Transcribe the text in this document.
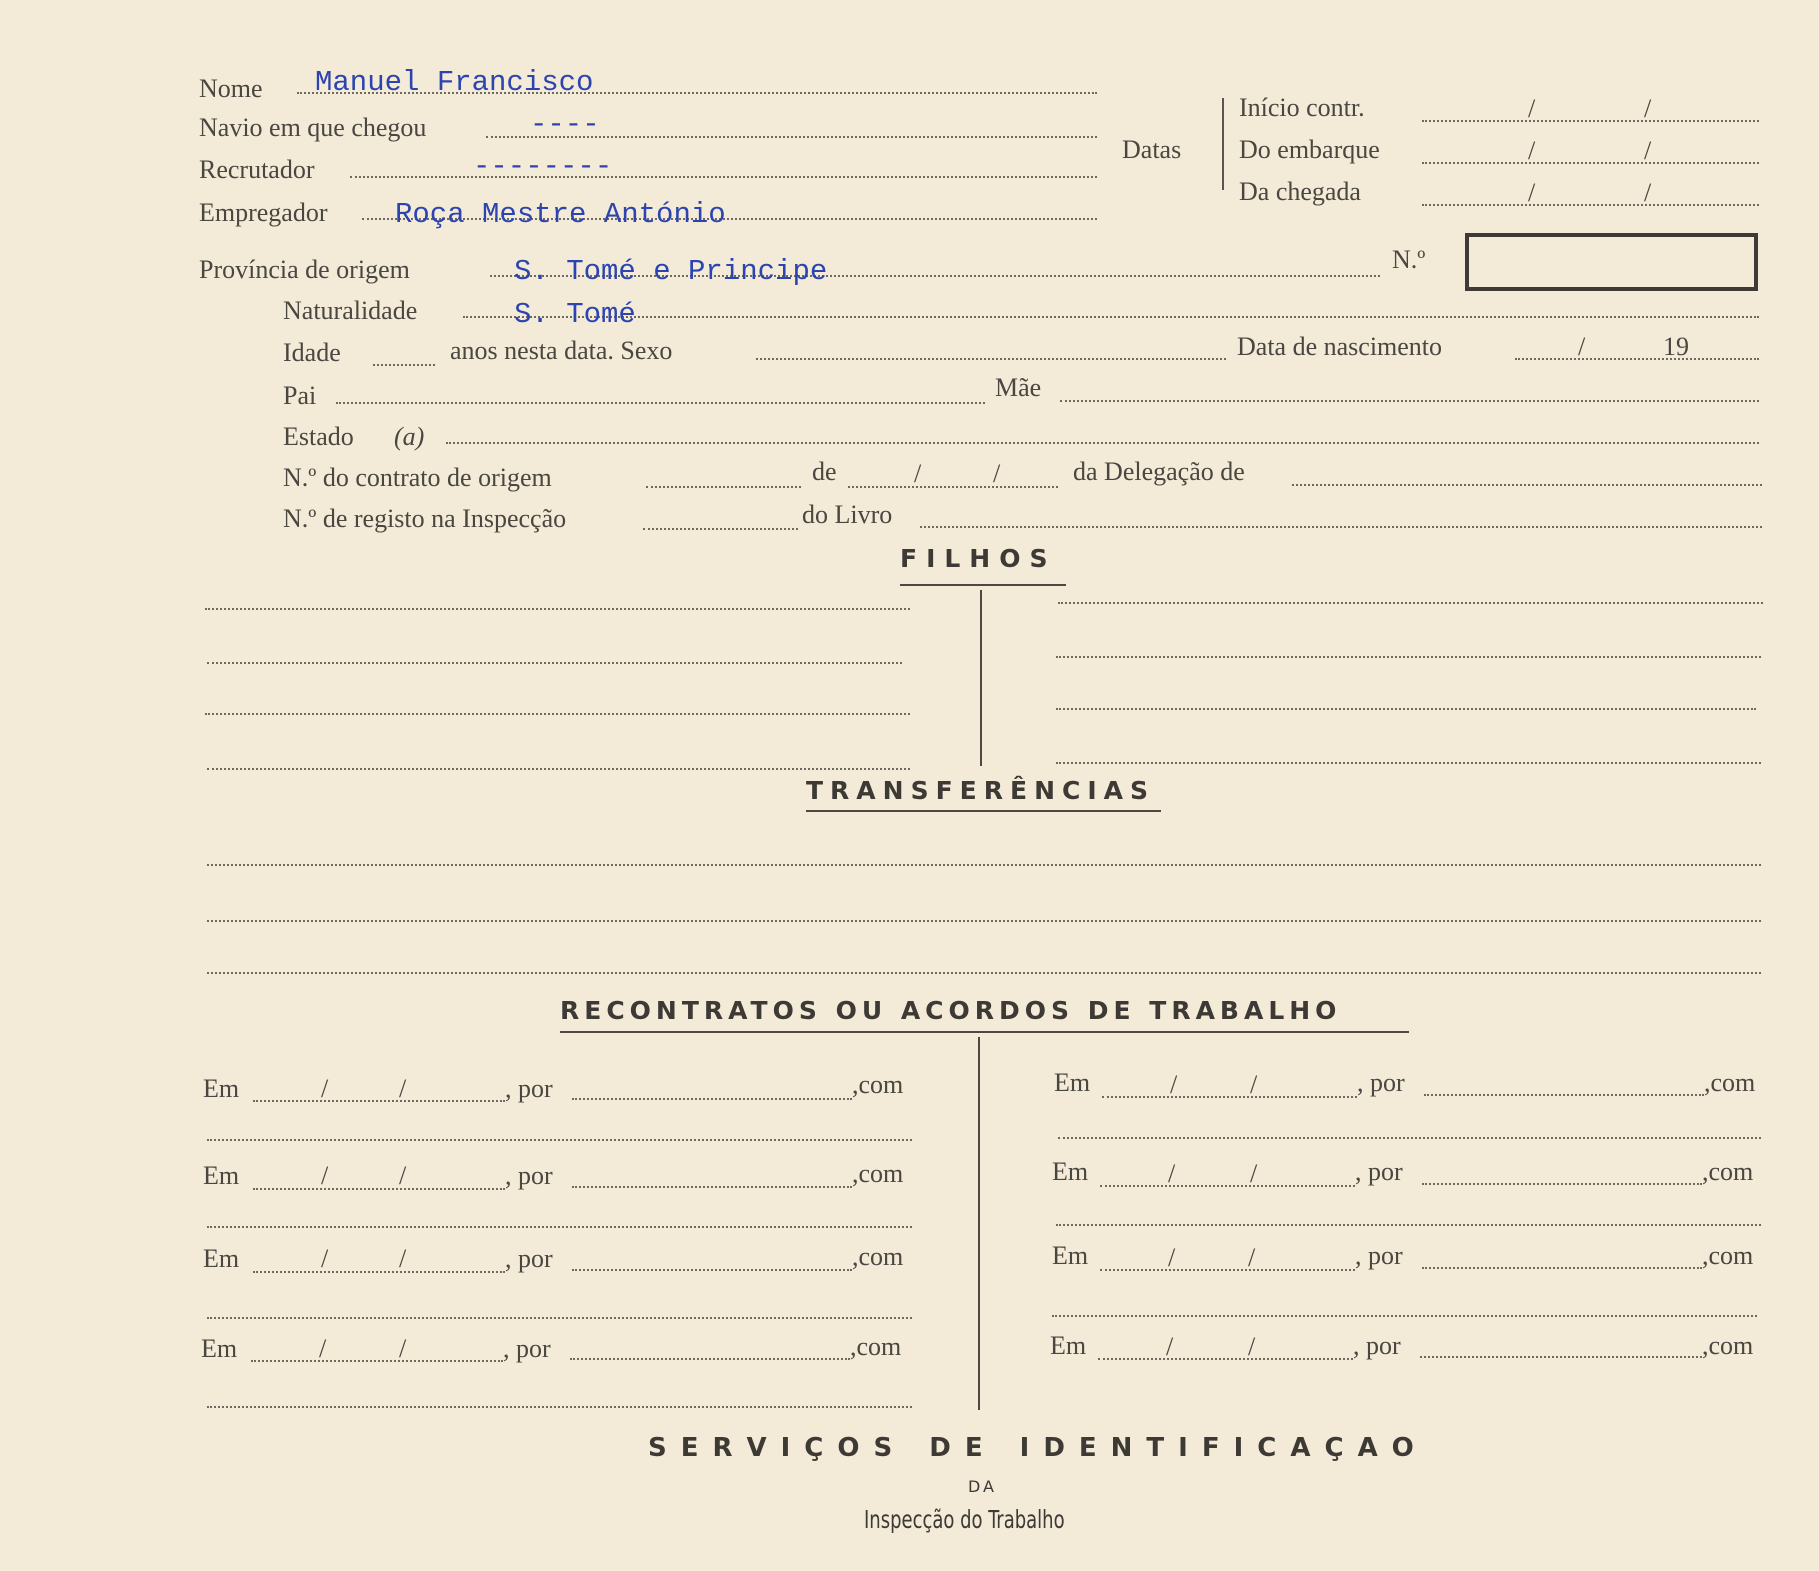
Nome Manuel Francisco
Navio em que chegou	----
Recrutador	--------
Empregador Roça Mestre António
Datas
Início contr.	/	/
Do embarque	/	/
Da chegada	/	/
Província de origem	S. Tomé e Principe	N.º
Naturalidade	S. Tomé
Idade	anos nesta data. Sexo	Data de nascimento	/	19
Pai	Mãe
Estado (a)
N.º do contrato de origem	de	/	/	da Delegação de
N.º de registo na Inspecção	do Livro
FILHOS
TRANSFERÊNCIAS
RECONTRATOS OU ACORDOS DE TRABALHO
Em	/	/	, por	,com
Em	/	/	, por	,com
Em	/	/	, por	,com
Em	/	/	, por	,com
Em	/	/	, por	,com
Em	/	/	, por	,com
Em	/	/	, por	,com
Em	/	/	, por	,com
SERVIÇOS DE IDENTIFICAÇAO
DA
Inspecção do Trabalho
